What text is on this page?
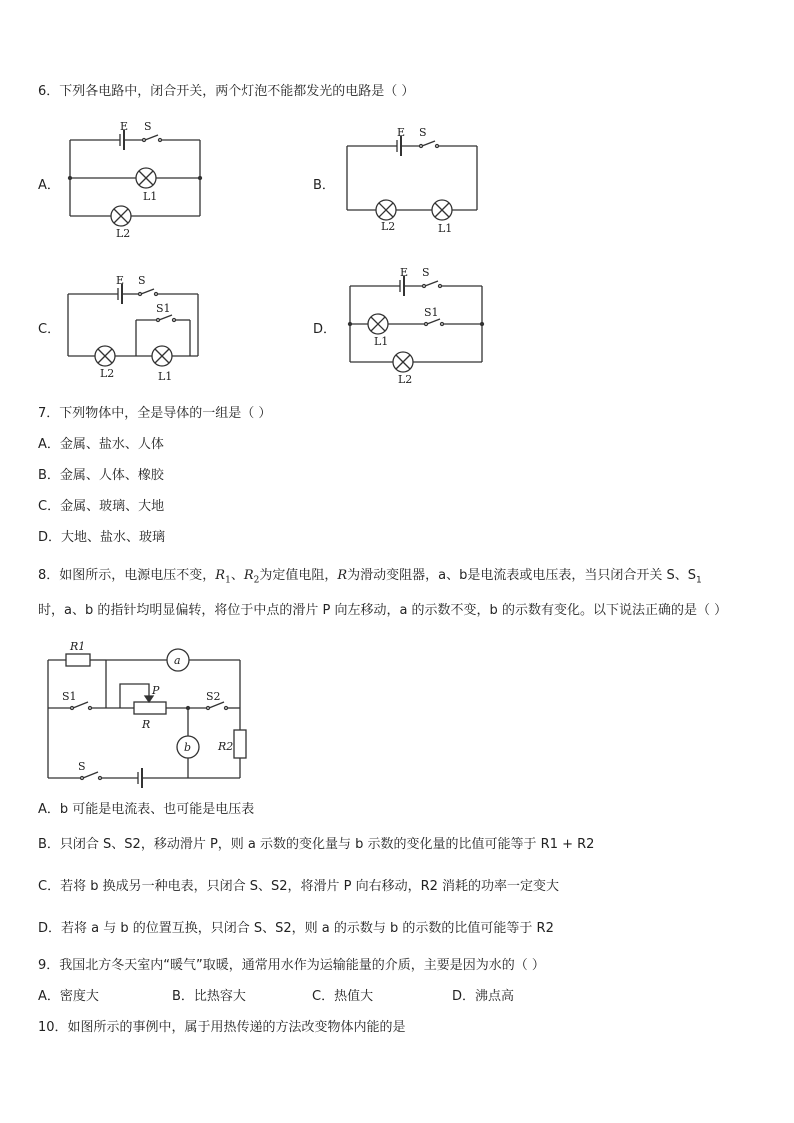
6．下列各电路中，闭合开关，两个灯泡不能都发光的电路是（ ）
A．
E S
L1
L2
B．
E S
L2	L1
C．
E S
S1
L2	L1
D．
E S
S1
L1
L2
7．下列物体中，全是导体的一组是（ ）
A．金属、盐水、人体
B．金属、人体、橡胶
C．金属、玻璃、大地
D．大地、盐水、玻璃
8．如图所示，电源电压不变，$R_1$、$R_2$为定值电阻，R为滑动变阻器，a、b是电流表或电压表，当只闭合开关 S、$S_1$
时，a、b 的指针均明显偏转，将位于中点的滑片 P 向左移动，a 的示数不变，b 的示数有变化。以下说法正确的是（ ）
R1
a
S1	P
R
S2
b R2
S
A．b 可能是电流表、也可能是电压表
B．只闭合 S、S2，移动滑片 P，则 a 示数的变化量与 b 示数的变化量的比值可能等于 R1 + R2
C．若将 b 换成另一种电表，只闭合 S、S2，将滑片 P 向右移动，R2 消耗的功率一定变大
D．若将 a 与 b 的位置互换，只闭合 S、S2，则 a 的示数与 b 的示数的比值可能等于 R2
9．我国北方冬天室内“暖气”取暖，通常用水作为运输能量的介质，主要是因为水的（ ）
A．密度大	B．比热容大	C．热值大	D．沸点高
10．如图所示的事例中，属于用热传递的方法改变物体内能的是
